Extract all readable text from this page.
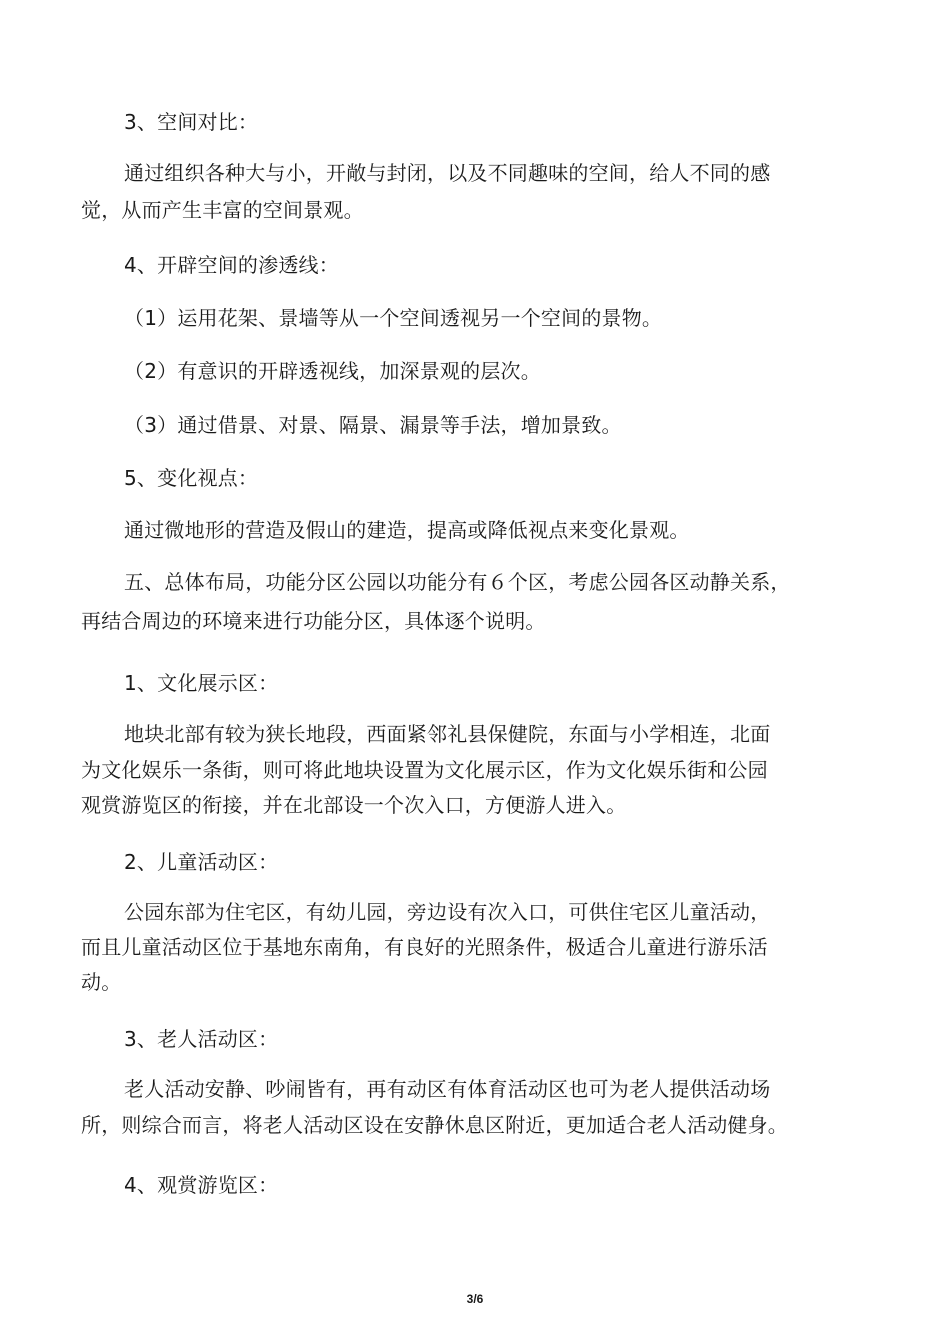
3、空间对比：
通过组织各种大与小，开敞与封闭，以及不同趣味的空间，给人不同的感
觉，从而产生丰富的空间景观。
4、开辟空间的渗透线：
（1）运用花架、景墙等从一个空间透视另一个空间的景物。
（2）有意识的开辟透视线，加深景观的层次。
（3）通过借景、对景、隔景、漏景等手法，增加景致。
5、变化视点：
通过微地形的营造及假山的建造，提高或降低视点来变化景观。
五、总体布局，功能分区公园以功能分有６个区，考虑公园各区动静关系，
再结合周边的环境来进行功能分区，具体逐个说明。
1、文化展示区：
地块北部有较为狭长地段，西面紧邻礼县保健院，东面与小学相连，北面
为文化娱乐一条街，则可将此地块设置为文化展示区，作为文化娱乐街和公园
观赏游览区的衔接，并在北部设一个次入口，方便游人进入。
2、儿童活动区：
公园东部为住宅区，有幼儿园，旁边设有次入口，可供住宅区儿童活动，
而且儿童活动区位于基地东南角，有良好的光照条件，极适合儿童进行游乐活
动。
3、老人活动区：
老人活动安静、吵闹皆有，再有动区有体育活动区也可为老人提供活动场
所，则综合而言，将老人活动区设在安静休息区附近，更加适合老人活动健身。
4、观赏游览区：
3/6
